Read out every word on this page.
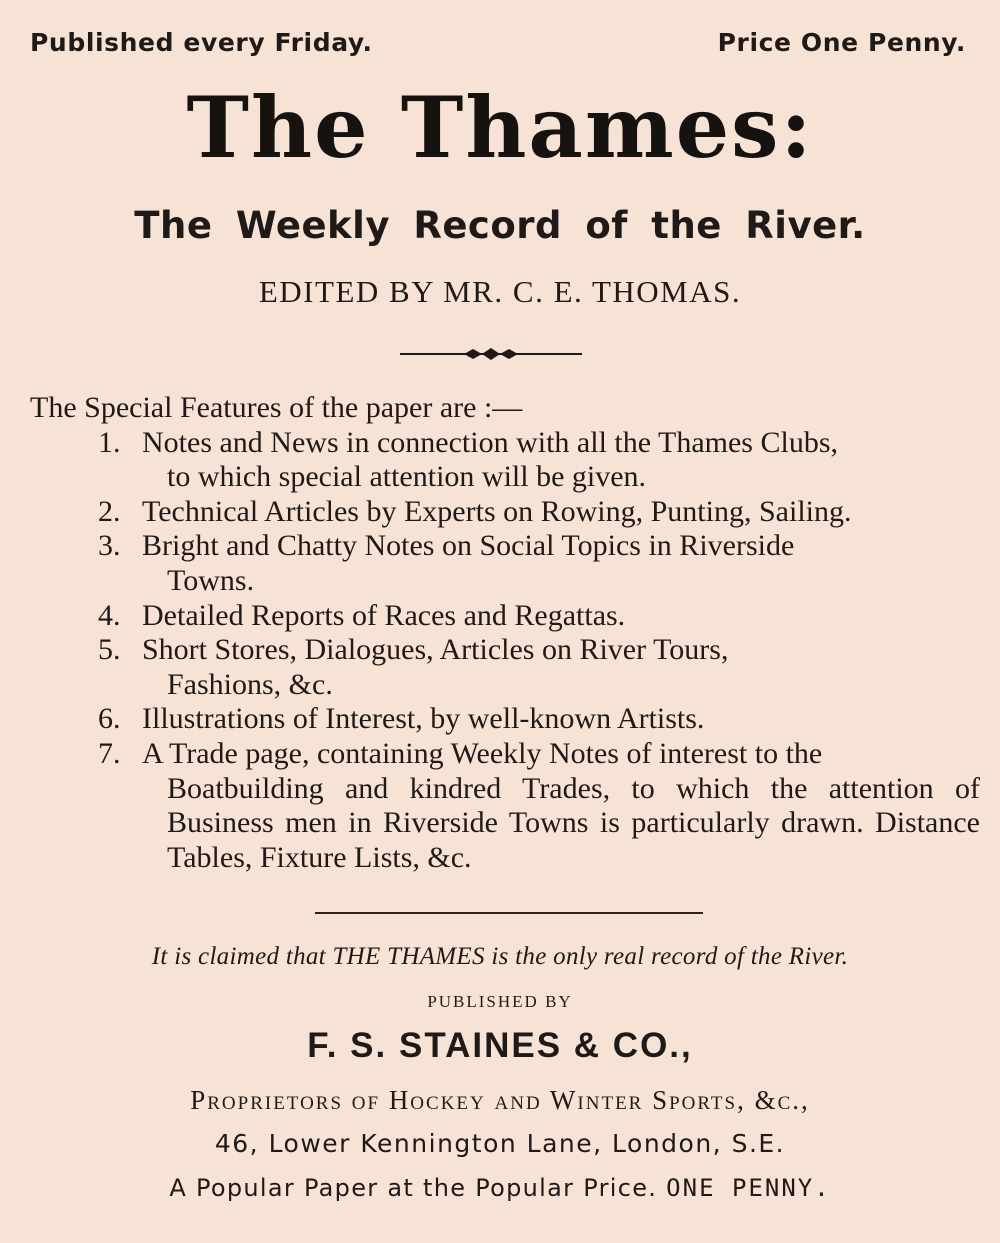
Published every Friday.	Price One Penny.
The Thames:
The Weekly Record of the River.
EDITED BY MR. C. E. THOMAS.
The Special Features of the paper are :—
1. Notes and News in connection with all the Thames Clubs,
to which special attention will be given.
2. Technical Articles by Experts on Rowing, Punting, Sailing.
3. Bright and Chatty Notes on Social Topics in Riverside
Towns.
4. Detailed Reports of Races and Regattas.
5. Short Stores, Dialogues, Articles on River Tours,
Fashions, &c.
6. Illustrations of Interest, by well-known Artists.
7. A Trade page, containing Weekly Notes of interest to the
Boatbuilding and kindred Trades, to which the attention of Business men in Riverside Towns is particularly drawn. Distance Tables, Fixture Lists, &c.
It is claimed that THE THAMES is the only real record of the River.
PUBLISHED BY
F. S. STAINES & CO.,
Proprietors of Hockey and Winter Sports, &c.,
46, Lower Kennington Lane, London, S.E.
A Popular Paper at the Popular Price. ONE PENNY.
